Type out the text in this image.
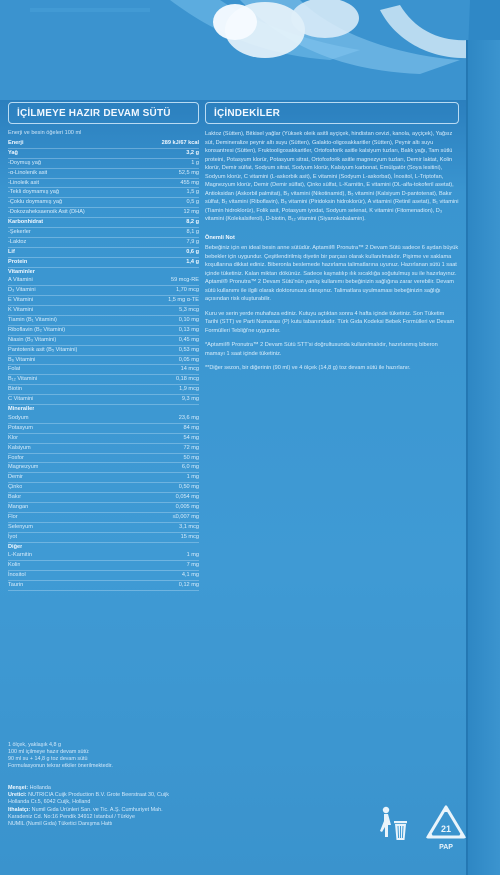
İÇİLMEYE HAZIR DEVAM SÜTÜ	İÇİNDEKİLER
Enerji ve besin öğeleri 100 ml
Enerji	289 kJ/67 kcal
Yağ	3,2 g
-Doymuş yağ	1 g
-α-Linolenik asit	52,5 mg
-Linoleik asit	455 mg
-Tekli doymamış yağ	1,5 g
-Çoklu doymamış yağ	0,5 g
-Dokozaheksaenoik Asit (DHA)	12 mg
Karbonhidrat	8,2 g
-Şekerler	8,1 g
-Laktoz	7,9 g
Lif	0,6 g
Protein	1,4 g
Vitaminler
A Vitamini	59 mcg-RE
D₃ Vitamini	1,70 mcg
E Vitamini	1,5 mg α-TE
K Vitamini	5,3 mcg
Tiamin (B₁ Vitamini)	0,10 mg
Riboflavin (B₂ Vitamini)	0,13 mg
Niasin (B₃ Vitamini)	0,45 mg
Pantotenik asit (B₅ Vitamini)	0,53 mg
B₆ Vitamini	0,05 mg
Folat	14 mcg
B₁₂ Vitamini	0,18 mcg
Biotin	1,9 mcg
C Vitamini	9,3 mg
Mineraller
Sodyum	23,6 mg
Potasyum	84 mg
Klor	54 mg
Kalsiyum	72 mg
Fosfor	50 mg
Magnezyum	6,0 mg
Demir	1 mg
Çinko	0,50 mg
Bakır	0,054 mg
Mangan	0,005 mg
Flor	≤0,007 mg
Selenyum	3,1 mcg
İyot	15 mcg
Diğer
L-Karnitin	1 mg
Kolin	7 mg
İnositol	4,1 mg
Taurin	0,12 mg
1 ölçek, yaklaşık 4,8 g
100 ml içilmeye hazır devam sütü:
90 ml su + 14,8 g toz devam sütü
Formulasyonun tekrar etkiler önerilmektedir.
Menşei: Hollanda
Üretici: NUTRICIA Cuijk Production B.V. Grote Beerstraat 30, Cuijk
Hollanda Cr.5, 6042 Cuijk, Holland
İthalatçı: Numil Gıda Ürünleri San. ve Tic. A.Ş. Cumhuriyet Mah.
Karadeniz Cd. No:16 Pendik 34912 İstanbul / Türkiye
NUMIL (Numil Gıda) Tüketici Danışma Hattı

Laktoz (Sütten), Bitkisel yağlar (Yüksek oleik asitli ayçiçek, hindistan cevizi, kanola, ayçiçek), Yağsız süt, Demineralize peynir altı suyu (Sütten), Galakto-oligosakkaritler (Sütten), Peynir altı suyu konsantresi (Sütten), Fruktooligosakkaritler, Ortofosforik asitle kalsiyum tuzları, Balık yağı, Tam sütlü proteini, Potasyum klorür, Potasyum sitrat, Ortofosforik asitle magnezyum tuzları, Demir laktat, Kolin klorür, Demir sülfat, Sodyum sitrat, Sodyum klorür, Kalsiyum karbonat, Emülgatör (Soya lesitini), Sodyum klorür, C vitamini (L-askorbik asit), E vitamini (Sodyum L-askorbat), İnositol, L-Triptofan, Magnezyum klorür, Demir (Demir sülfat), Çinko sülfat, L-Karnitin, E vitamini (DL-alfa-tokoferil asetat), Antioksidan (Askorbil palmitat), B₃ vitamini (Nikotinamid), B₅ vitamini (Kalsiyum D-pantotenat), Bakır sülfat, B₂ vitamini (Riboflavin), B₆ vitamini (Piridoksin hidroklorür), A vitamini (Retinil asetat), B₁ vitamini (Tiamin hidroklorür), Folik asit, Potasyum iyodat, Sodyum selenat, K vitamini (Fitomenadion), D₃ vitamini (Kolekalsiferol), D-biotin, B₁₂ vitamini (Siyanokobalamin).

Önemli Not

Bebeğiniz için en ideal besin anne sütüdür. Aptamil® Pronutra™ 2 Devam Sütü sadece 6 aydan büyük bebekler için uygundur. Çeşitlendirilmiş diyetin bir parçası olarak kullanılmalıdır. Pişirme ve saklama koşullarına dikkat ediniz. Biberonla beslemede hazırlama talimatlarına uyunuz. Hazırlanan sütü 1 saat içinde tüketiniz. Kalan miktarı dökünüz. Sadece kaynatılıp ılık sıcaklığa soğutulmuş su ile hazırlayınız. Aptamil® Pronutra™ 2 Devam Sütü'nün yanlış kullanımı bebeğinizin sağlığına zarar verebilir. Devam sütü kullanımı ile ilgili olarak doktorunuza danışınız. Talimatlara uyulmaması bebeğinizin sağlığı açısından risk oluşturabilir.

Kuru ve serin yerde muhafaza ediniz. Kutuyu açtıktan sonra 4 hafta içinde tüketiniz. Son Tüketim Tarihi (STT) ve Parti Numarası (P) kutu tabanındadır. Türk Gıda Kodeksi Bebek Formülleri ve Devam Formülleri Tebliği'ne uygundur.

*Aptamil® Pronutra™ 2 Devam Sütü STT'si doğrultusunda kullanılmalıdır, hazırlanmış biberon mamayı 1 saat içinde tüketiniz.

**Diğer sezon, bir diğerinin (90 ml) ve 4 ölçek (14,8 g) toz devam sütü ile hazırlanır.

21
PAP
